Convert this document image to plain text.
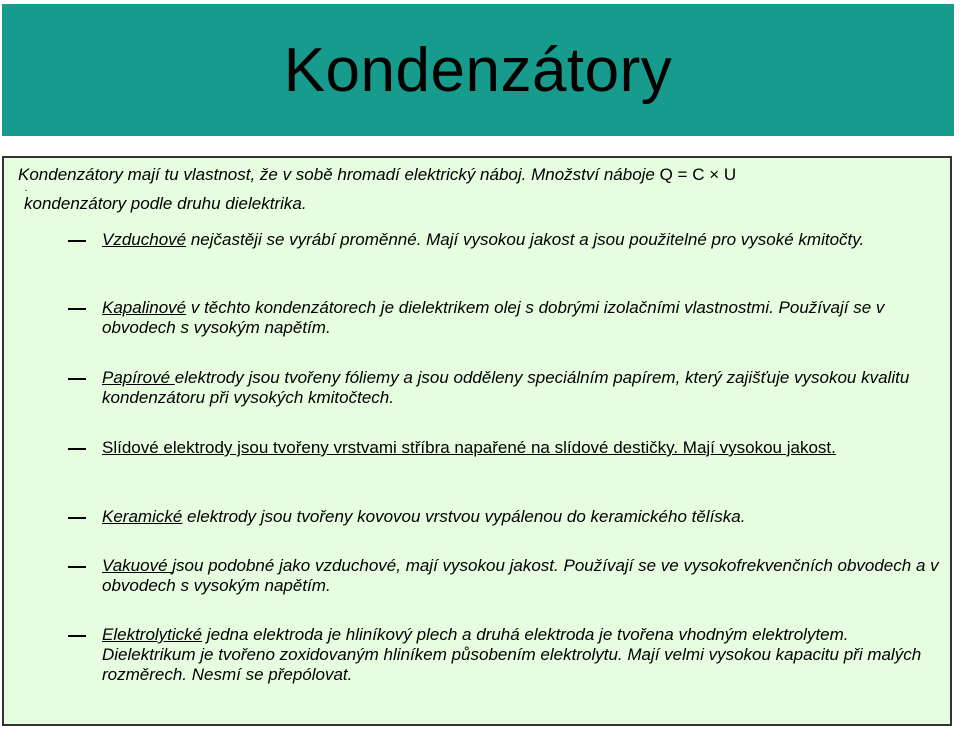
Kondenzátory
Kondenzátory mají tu vlastnost, že v sobě hromadí elektrický náboj. Množství náboje Q = C × U
.
kondenzátory podle druhu dielektrika.
Vzduchové nejčastěji se vyrábí proměnné. Mají vysokou jakost a jsou použitelné pro vysoké kmitočty.
Kapalinové v těchto kondenzátorech je dielektrikem olej s dobrými izolačními vlastnostmi. Používají se v obvodech s vysokým napětím.
Papírové elektrody jsou tvořeny fóliemy a jsou odděleny speciálním papírem, který zajišťuje vysokou kvalitu kondenzátoru při vysokých kmitočtech.
Slídové elektrody jsou tvořeny vrstvami stříbra napařené na slídové destičky. Mají vysokou jakost.
Keramické elektrody jsou tvořeny kovovou vrstvou vypálenou do keramického tělíska.
Vakuové jsou podobné jako vzduchové, mají vysokou jakost. Používají se ve vysokofrekvenčních obvodech a v obvodech s vysokým napětím.
Elektrolytické jedna elektroda je hliníkový plech a druhá elektroda je tvořena vhodným elektrolytem. Dielektrikum je tvořeno zoxidovaným hliníkem působením elektrolytu. Mají velmi vysokou kapacitu při malých rozměrech. Nesmí se přepólovat.
